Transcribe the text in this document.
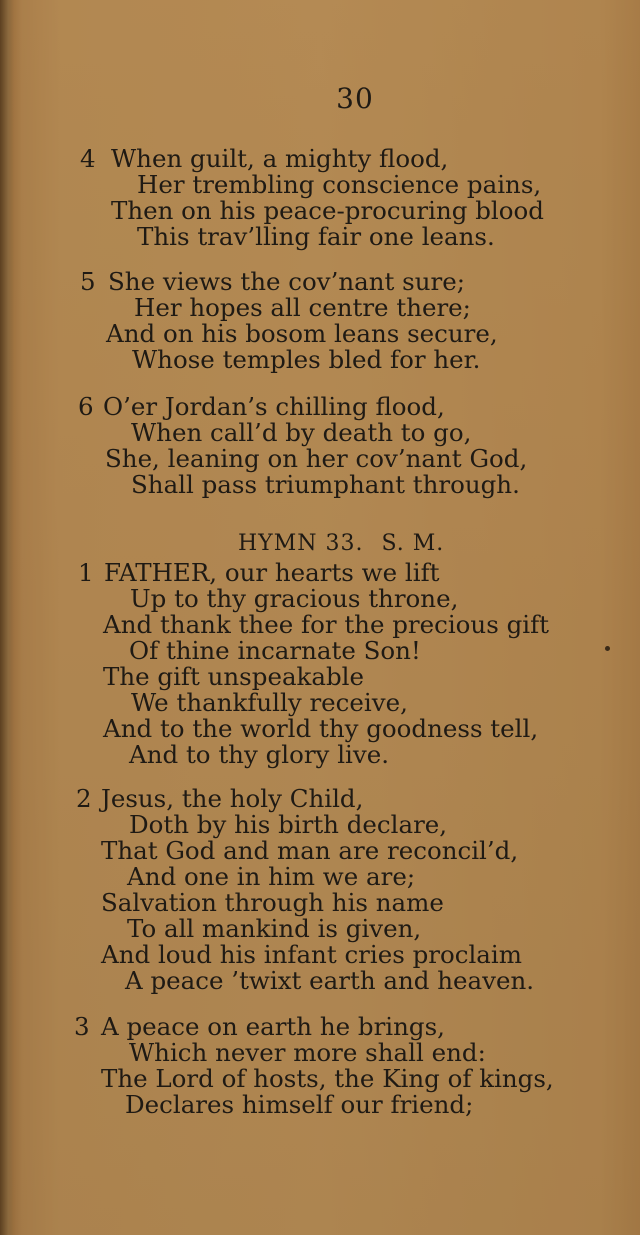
30
4 When guilt, a mighty flood,
Her trembling conscience pains,
Then on his peace-procuring blood
This trav’lling fair one leans.
5 She views the cov’nant sure;
Her hopes all centre there;
And on his bosom leans secure,
Whose temples bled for her.
6 O’er Jordan’s chilling flood,
When call’d by death to go,
She, leaning on her cov’nant God,
Shall pass triumphant through.
HYMN 33. S. M.
1 FATHER, our hearts we lift
Up to thy gracious throne,
And thank thee for the precious gift
Of thine incarnate Son!
The gift unspeakable
We thankfully receive,
And to the world thy goodness tell,
And to thy glory live.
2 Jesus, the holy Child,
Doth by his birth declare,
That God and man are reconcil’d,
And one in him we are;
Salvation through his name
To all mankind is given,
And loud his infant cries proclaim
A peace ’twixt earth and heaven.
3 A peace on earth he brings,
Which never more shall end:
The Lord of hosts, the King of kings,
Declares himself our friend;
